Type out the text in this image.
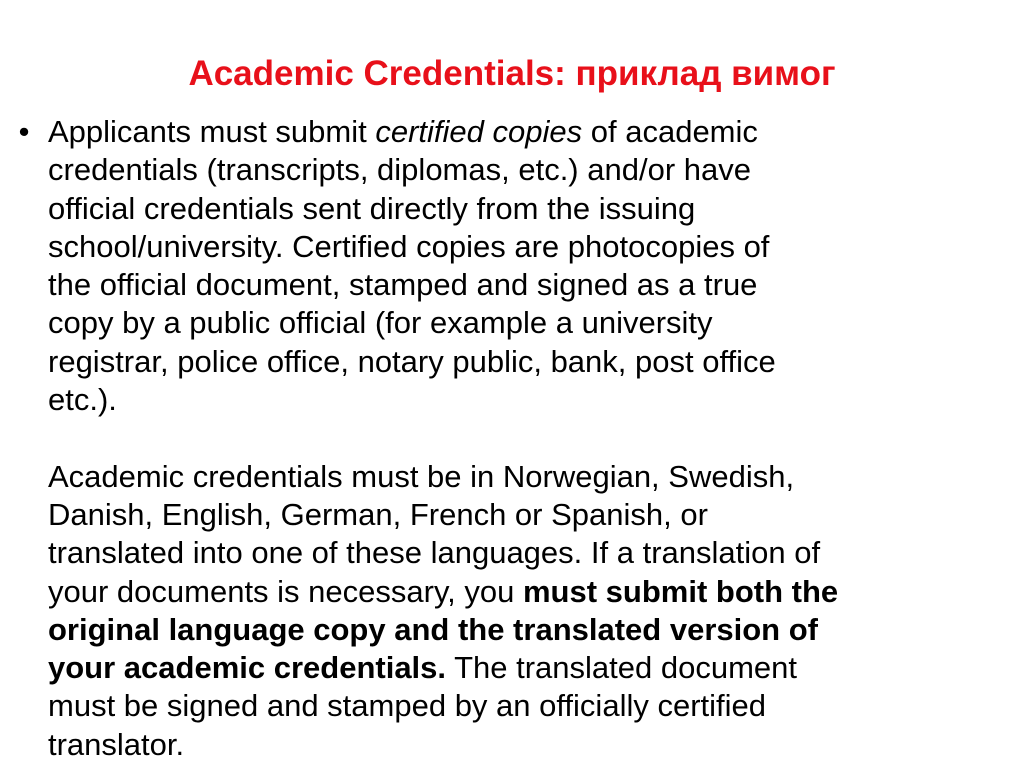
Academic Credentials: приклад вимог
• Applicants must submit certified copies of academic
credentials (transcripts, diplomas, etc.) and/or have
official credentials sent directly from the issuing
school/university. Certified copies are photocopies of
the official document, stamped and signed as a true
copy by a public official (for example a university
registrar, police office, notary public, bank, post office
etc.).
Academic credentials must be in Norwegian, Swedish,
Danish, English, German, French or Spanish, or
translated into one of these languages. If a translation of
your documents is necessary, you must submit both the
original language copy and the translated version of
your academic credentials. The translated document
must be signed and stamped by an officially certified
translator.
